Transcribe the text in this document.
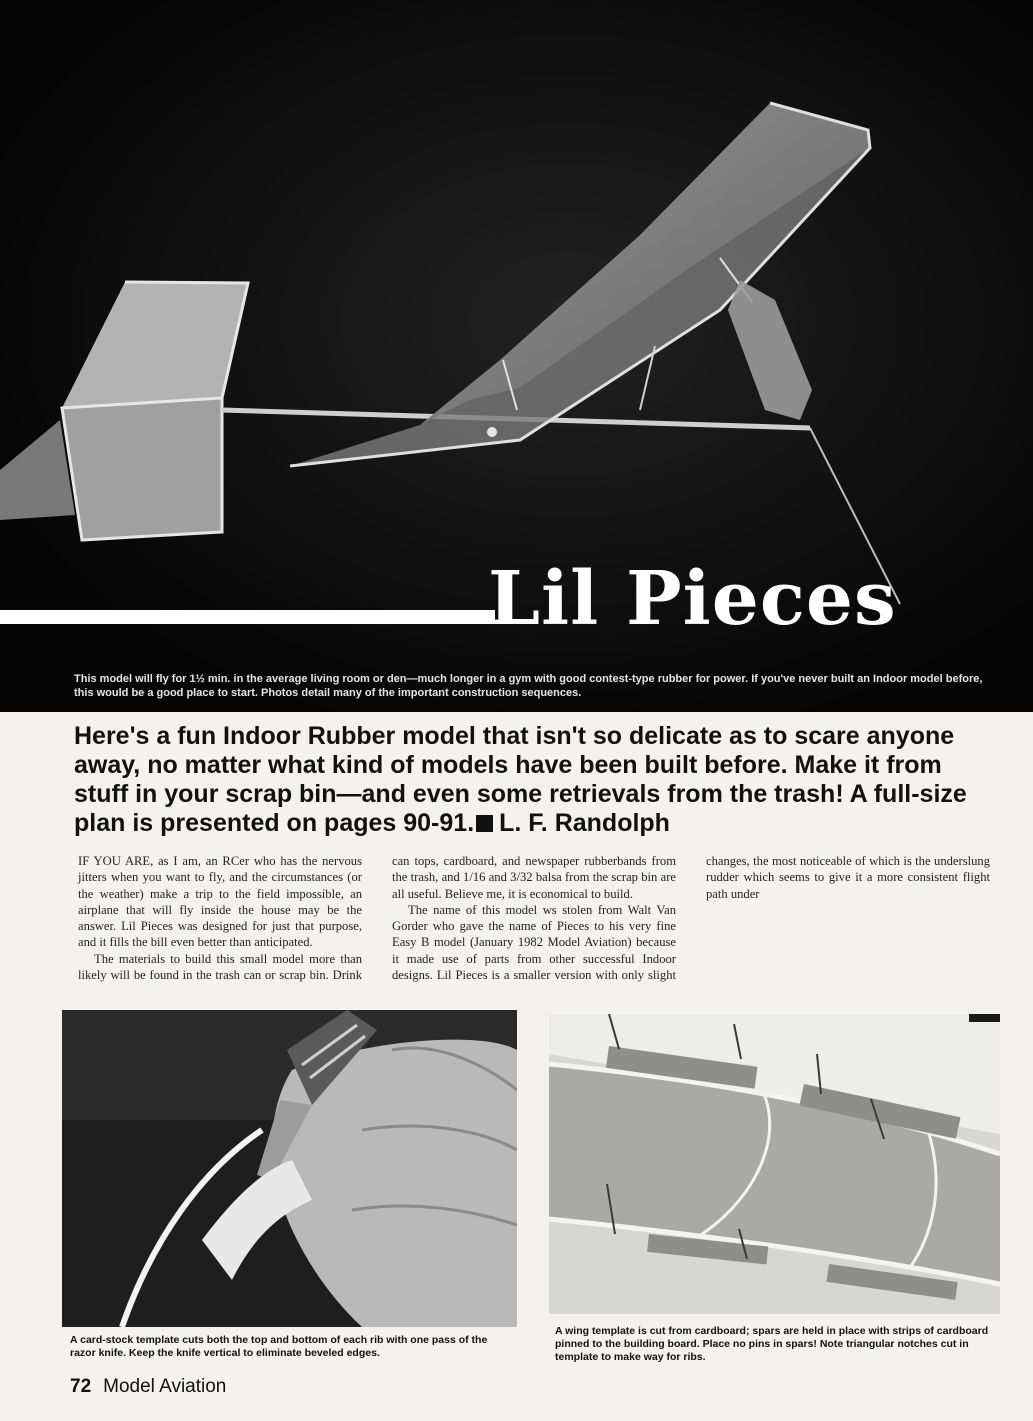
Lil Pieces
This model will fly for 1½ min. in the average living room or den—much longer in a gym with good contest-type rubber for power. If you've never built an Indoor model before, this would be a good place to start. Photos detail many of the important construction sequences.
Here's a fun Indoor Rubber model that isn't so delicate as to scare anyone away, no matter what kind of models have been built before. Make it from stuff in your scrap bin—and even some retrievals from the trash! A full-size plan is presented on pages 90-91. L. F. Randolph

IF YOU ARE, as I am, an RCer who has the nervous jitters when you want to fly, and the circumstances (or the weather) make a trip to the field impossible, an airplane that will fly inside the house may be the answer. Lil Pieces was designed for just that purpose, and it fills the bill even better than anticipated.

The materials to build this small model more than likely will be found in the trash can or scrap bin. Drink can tops, cardboard, and newspaper rubberbands from the trash, and 1/16 and 3/32 balsa from the scrap bin are all useful. Believe me, it is economical to build.

The name of this model ws stolen from Walt Van Gorder who gave the name of Pieces to his very fine Easy B model (January 1982 Model Aviation) because it made use of parts from other successful Indoor designs. Lil Pieces is a smaller version with only slight changes, the most noticeable of which is the underslung rudder which seems to give it a more consistent flight path under

A card-stock template cuts both the top and bottom of each rib with one pass of the razor knife. Keep the knife vertical to eliminate beveled edges.
A wing template is cut from cardboard; spars are held in place with strips of cardboard pinned to the building board. Place no pins in spars! Note triangular notches cut in template to make way for ribs.
72 Model Aviation
